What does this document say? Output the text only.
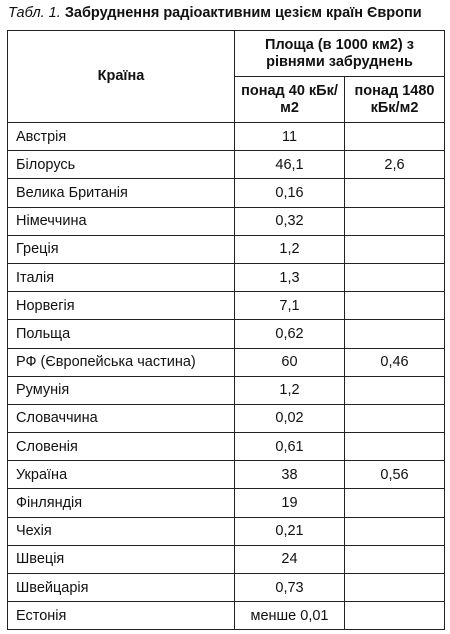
Табл. 1. Забруднення радіоактивним цезієм країн Європи
Країна	Площа (в 1000 км2) з рівнями забруднень	
	понад 40 кБк/м2	понад 1480 кБк/м2
Австрія	11	
Білорусь	46,1	2,6
Велика Британія	0,16	
Німеччина	0,32	
Греція	1,2	
Італія	1,3	
Норвегія	7,1	
Польща	0,62	
РФ (Європейська частина)	60	0,46
Румунія	1,2	
Словаччина	0,02	
Словенія	0,61	
Україна	38	0,56
Фінляндія	19	
Чехія	0,21	
Швеція	24	
Швейцарія	0,73	
Естонія	менше 0,01	
